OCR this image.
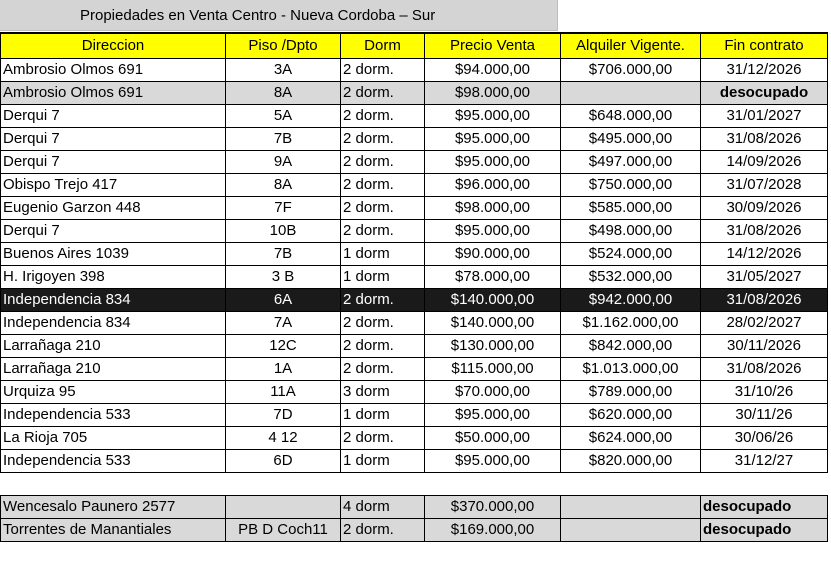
Propiedades en Venta Centro - Nueva Cordoba – Sur
Direccion	Piso /Dpto	Dorm	Precio Venta	Alquiler Vigente.	Fin contrato
Ambrosio Olmos 691	3A	2 dorm.	$94.000,00	$706.000,00	31/12/2026
Ambrosio Olmos 691	8A	2 dorm.	$98.000,00		desocupado
Derqui 7	5A	2 dorm.	$95.000,00	$648.000,00	31/01/2027
Derqui 7	7B	2 dorm.	$95.000,00	$495.000,00	31/08/2026
Derqui 7	9A	2 dorm.	$95.000,00	$497.000,00	14/09/2026
Obispo Trejo 417	8A	2 dorm.	$96.000,00	$750.000,00	31/07/2028
Eugenio Garzon 448	7F	2 dorm.	$98.000,00	$585.000,00	30/09/2026
Derqui 7	10B	2 dorm.	$95.000,00	$498.000,00	31/08/2026
Buenos Aires 1039	7B	1 dorm	$90.000,00	$524.000,00	14/12/2026
H. Irigoyen 398	3 B	1 dorm	$78.000,00	$532.000,00	31/05/2027
Independencia 834	6A	2 dorm.	$140.000,00	$942.000,00	31/08/2026
Independencia 834	7A	2 dorm.	$140.000,00	$1.162.000,00	28/02/2027
Larrañaga 210	12C	2 dorm.	$130.000,00	$842.000,00	30/11/2026
Larrañaga 210	1A	2 dorm.	$115.000,00	$1.013.000,00	31/08/2026
Urquiza 95	11A	3 dorm	$70.000,00	$789.000,00	31/10/26
Independencia 533	7D	1 dorm	$95.000,00	$620.000,00	30/11/26
La Rioja 705	4 12	2 dorm.	$50.000,00	$624.000,00	30/06/26
Independencia 533	6D	1 dorm	$95.000,00	$820.000,00	31/12/27

Wencesalo Paunero 2577		4 dorm	$370.000,00		desocupado
Torrentes de Manantiales	PB D Coch11	2 dorm.	$169.000,00		desocupado
